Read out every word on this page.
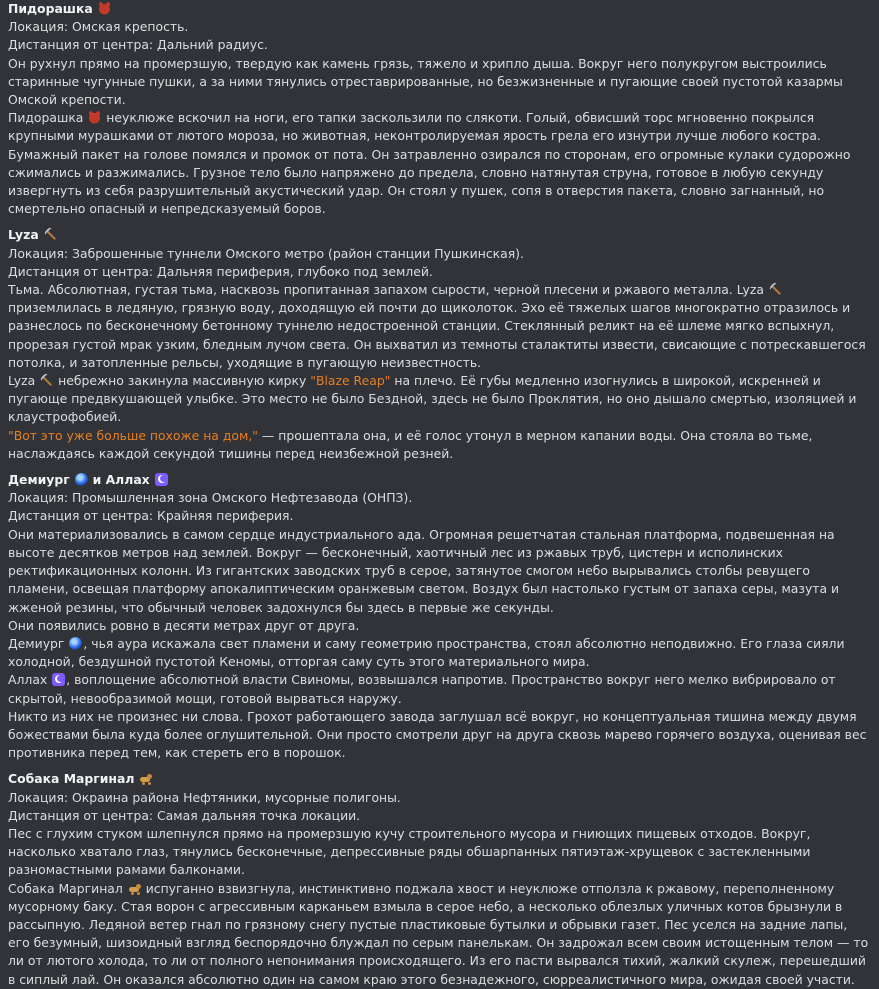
Пидорашка
Локация: Омская крепость.
Дистанция от центра: Дальний радиус.
Он рухнул прямо на промерзшую, твердую как камень грязь, тяжело и хрипло дыша. Вокруг него полукругом выстроились старинные чугунные пушки, а за ними тянулись отреставрированные, но безжизненные и пугающие своей пустотой казармы Омской крепости.
Пидорашка неуклюже вскочил на ноги, его тапки заскользили по слякоти. Голый, обвисший торс мгновенно покрылся крупными мурашками от лютого мороза, но животная, неконтролируемая ярость грела его изнутри лучше любого костра. Бумажный пакет на голове помялся и промок от пота. Он затравленно озирался по сторонам, его огромные кулаки судорожно сжимались и разжимались. Грузное тело было напряжено до предела, словно натянутая струна, готовое в любую секунду извергнуть из себя разрушительный акустический удар. Он стоял у пушек, сопя в отверстия пакета, словно загнанный, но смертельно опасный и непредсказуемый боров.
Lyza
Локация: Заброшенные туннели Омского метро (район станции Пушкинская).
Дистанция от центра: Дальняя периферия, глубоко под землей.
Тьма. Абсолютная, густая тьма, насквозь пропитанная запахом сырости, черной плесени и ржавого металла. Lyza  приземлилась в ледяную, грязную воду, доходящую ей почти до щиколоток. Эхо её тяжелых шагов многократно отразилось и разнеслось по бесконечному бетонному туннелю недостроенной станции. Стеклянный реликт на её шлеме мягко вспыхнул, прорезая густой мрак узким, бледным лучом света. Он выхватил из темноты сталактиты извести, свисающие с потрескавшегося потолка, и затопленные рельсы, уходящие в пугающую неизвестность.
Lyza небрежно закинула массивную кирку "Blaze Reap" на плечо. Её губы медленно изогнулись в широкой, искренней и пугающе предвкушающей улыбке. Это место не было Бездной, здесь не было Проклятия, но оно дышало смертью, изоляцией и клаустрофобией.
"Вот это уже больше похоже на дом," — прошептала она, и её голос утонул в мерном капании воды. Она стояла во тьме, наслаждаясь каждой секундой тишины перед неизбежной резней.
Демиург и Аллах
Локация: Промышленная зона Омского Нефтезавода (ОНПЗ).
Дистанция от центра: Крайняя периферия.
Они материализовались в самом сердце индустриального ада. Огромная решетчатая стальная платформа, подвешенная на высоте десятков метров над землей. Вокруг — бесконечный, хаотичный лес из ржавых труб, цистерн и исполинских ректификационных колонн. Из гигантских заводских труб в серое, затянутое смогом небо вырывались столбы ревущего пламени, освещая платформу апокалиптическим оранжевым светом. Воздух был настолько густым от запаха серы, мазута и жженой резины, что обычный человек задохнулся бы здесь в первые же секунды.
Они появились ровно в десяти метрах друг от друга.
Демиург , чья аура искажала свет пламени и саму геометрию пространства, стоял абсолютно неподвижно. Его глаза сияли холодной, бездушной пустотой Кеномы, отторгая саму суть этого материального мира.
Аллах , воплощение абсолютной власти Свиномы, возвышался напротив. Пространство вокруг него мелко вибрировало от скрытой, невообразимой мощи, готовой вырваться наружу.
Никто из них не произнес ни слова. Грохот работающего завода заглушал всё вокруг, но концептуальная тишина между двумя божествами была куда более оглушительной. Они просто смотрели друг на друга сквозь марево горячего воздуха, оценивая вес противника перед тем, как стереть его в порошок.
Собака Маргинал
Локация: Окраина района Нефтяники, мусорные полигоны.
Дистанция от центра: Самая дальняя точка локации.
Пес с глухим стуком шлепнулся прямо на промерзшую кучу строительного мусора и гниющих пищевых отходов. Вокруг, насколько хватало глаз, тянулись бесконечные, депрессивные ряды обшарпанных пятиэтаж-хрущевок с застекленными разномастными рамами балконами.
Собака Маргинал испуганно взвизгнула, инстинктивно поджала хвост и неуклюже отползла к ржавому, переполненному мусорному баку. Стая ворон с агрессивным карканьем взмыла в серое небо, а несколько облезлых уличных котов брызнули в рассыпную. Ледяной ветер гнал по грязному снегу пустые пластиковые бутылки и обрывки газет. Пес уселся на задние лапы, его безумный, шизоидный взгляд беспорядочно блуждал по серым панелькам. Он задрожал всем своим истощенным телом — то ли от лютого холода, то ли от полного непонимания происходящего. Из его пасти вырвался тихий, жалкий скулеж, перешедший в сиплый лай. Он оказался абсолютно один на самом краю этого безнадежного, сюрреалистичного мира, ожидая своей участи.
